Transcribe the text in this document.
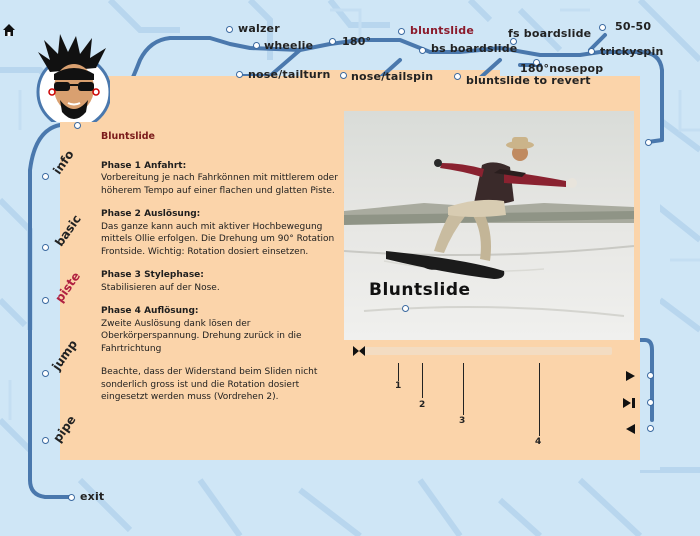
walzer
wheelie	180°
bluntslide	fs boardslide
50-50
nose/tailturn nose/tailspin
bs boardslide	trickyspin
180°nosepop
bluntslide to revert
info
basic
piste
jump
pipe
exit
Bluntslide
Phase 1 Anfahrt:
Vorbereitung je nach Fahrkönnen mit mittlerem oder höherem Tempo auf einer flachen und glatten Piste.
Phase 2 Auslösung:
Das ganze kann auch mit aktiver Hochbewegung mittels Ollie erfolgen. Die Drehung um 90° Rotation Frontside. Wichtig: Rotation dosiert einsetzen.
Phase 3 Stylephase:
Stabilisieren auf der Nose.
Phase 4 Auflösung:
Zweite Auslösung dank lösen der Oberkörperspannung. Drehung zurück in die Fahrtrichtung
Beachte, dass der Widerstand beim Sliden nicht sonderlich gross ist und die Rotation dosiert eingesetzt werden muss (Vordrehen 2).
Bluntslide
1
2
3
4
